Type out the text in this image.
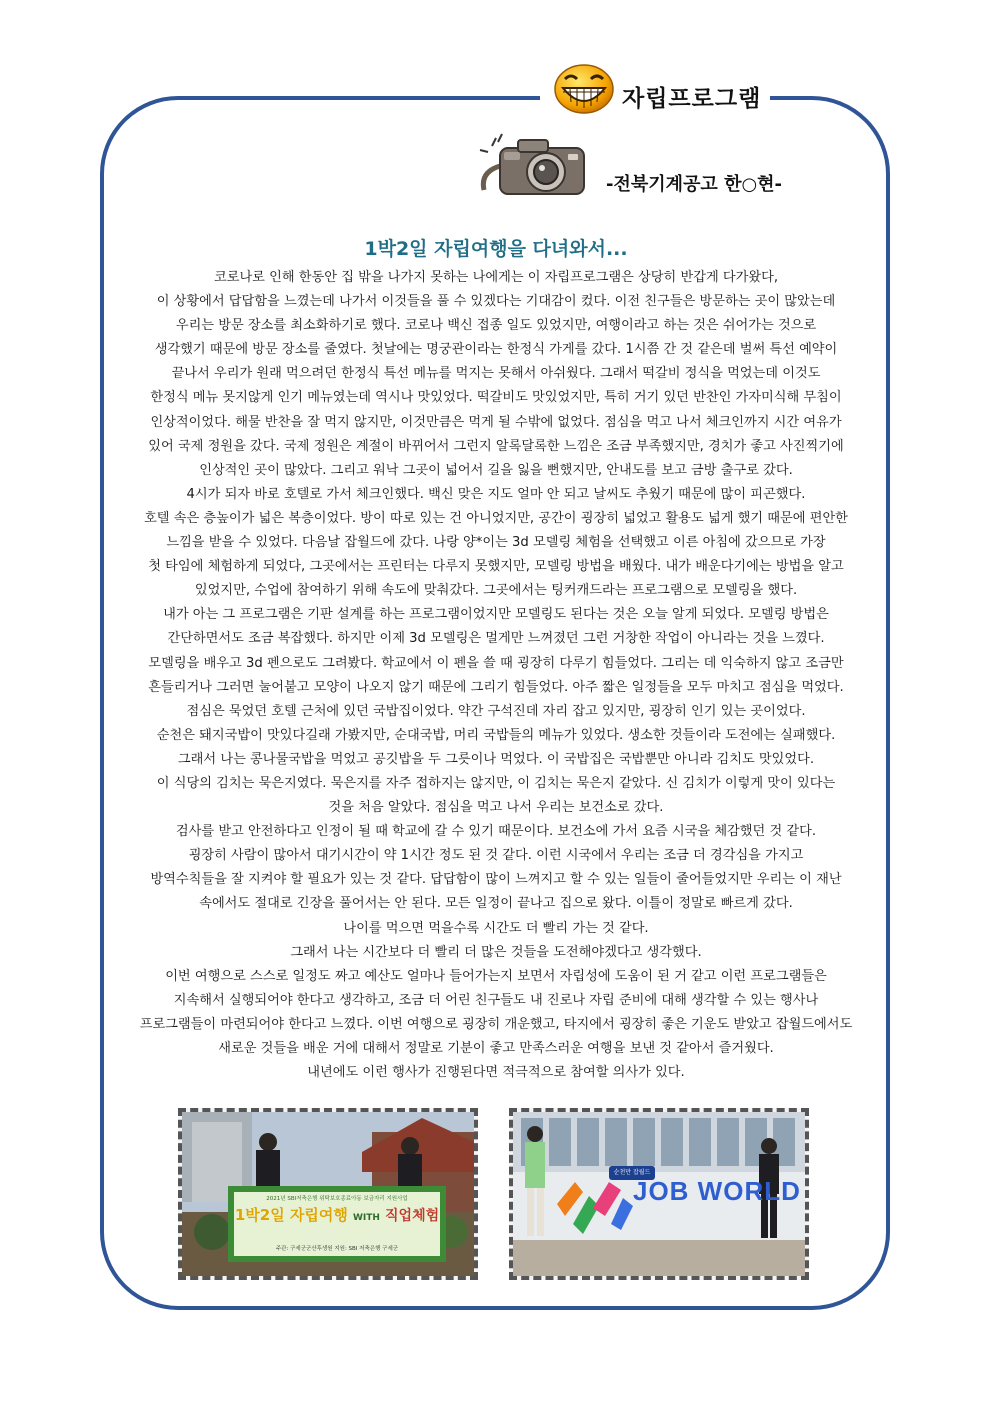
자립프로그램
-전북기계공고 한○현-
1박2일 자립여행을 다녀와서...
코로나로 인해 한동안 집 밖을 나가지 못하는 나에게는 이 자립프로그램은 상당히 반갑게 다가왔다,
이 상황에서 답답함을 느꼈는데 나가서 이것들을 풀 수 있겠다는 기대감이 컸다. 이전 친구들은 방문하는 곳이 많았는데
우리는 방문 장소를 최소화하기로 했다. 코로나 백신 접종 일도 있었지만, 여행이라고 하는 것은 쉬어가는 것으로
생각했기 때문에 방문 장소를 줄였다. 첫날에는 명궁관이라는 한정식 가게를 갔다. 1시쯤 간 것 같은데 벌써 특선 예약이
끝나서 우리가 원래 먹으려던 한정식 특선 메뉴를 먹지는 못해서 아쉬웠다. 그래서 떡갈비 정식을 먹었는데 이것도
한정식 메뉴 못지않게 인기 메뉴였는데 역시나 맛있었다. 떡갈비도 맛있었지만, 특히 거기 있던 반찬인 가자미식해 무침이
인상적이었다. 해물 반찬을 잘 먹지 않지만, 이것만큼은 먹게 될 수밖에 없었다. 점심을 먹고 나서 체크인까지 시간 여유가
있어 국제 정원을 갔다. 국제 정원은 계절이 바뀌어서 그런지 알록달록한 느낌은 조금 부족했지만, 경치가 좋고 사진찍기에
인상적인 곳이 많았다. 그리고 워낙 그곳이 넓어서 길을 잃을 뻔했지만, 안내도를 보고 금방 출구로 갔다.
4시가 되자 바로 호텔로 가서 체크인했다. 백신 맞은 지도 얼마 안 되고 날씨도 추웠기 때문에 많이 피곤했다.
호텔 속은 층높이가 넓은 복층이었다. 방이 따로 있는 건 아니었지만, 공간이 굉장히 넓었고 활용도 넓게 했기 때문에 편안한
느낌을 받을 수 있었다. 다음날 잡월드에 갔다. 나랑 양*이는 3d 모델링 체험을 선택했고 이른 아침에 갔으므로 가장
첫 타임에 체험하게 되었다, 그곳에서는 프린터는 다루지 못했지만, 모델링 방법을 배웠다. 내가 배운다기에는 방법을 알고
있었지만, 수업에 참여하기 위해 속도에 맞춰갔다. 그곳에서는 팅커캐드라는 프로그램으로 모델링을 했다.
내가 아는 그 프로그램은 기판 설계를 하는 프로그램이었지만 모델링도 된다는 것은 오늘 알게 되었다. 모델링 방법은
간단하면서도 조금 복잡했다. 하지만 이제 3d 모델링은 멀게만 느껴졌던 그런 거창한 작업이 아니라는 것을 느꼈다.
모델링을 배우고 3d 펜으로도 그려봤다. 학교에서 이 펜을 쓸 때 굉장히 다루기 힘들었다. 그리는 데 익숙하지 않고 조금만
흔들리거나 그러면 눌어붙고 모양이 나오지 않기 때문에 그리기 힘들었다. 아주 짧은 일정들을 모두 마치고 점심을 먹었다.
점심은 묵었던 호텔 근처에 있던 국밥집이었다. 약간 구석진데 자리 잡고 있지만, 굉장히 인기 있는 곳이었다.
순천은 돼지국밥이 맛있다길래 가봤지만, 순대국밥, 머리 국밥들의 메뉴가 있었다. 생소한 것들이라 도전에는 실패했다.
그래서 나는 콩나물국밥을 먹었고 공깃밥을 두 그릇이나 먹었다. 이 국밥집은 국밥뿐만 아니라 김치도 맛있었다.
이 식당의 김치는 묵은지였다. 묵은지를 자주 접하지는 않지만, 이 김치는 묵은지 같았다. 신 김치가 이렇게 맛이 있다는
것을 처음 알았다. 점심을 먹고 나서 우리는 보건소로 갔다.
검사를 받고 안전하다고 인정이 될 때 학교에 갈 수 있기 때문이다. 보건소에 가서 요즘 시국을 체감했던 것 같다.
굉장히 사람이 많아서 대기시간이 약 1시간 정도 된 것 같다. 이런 시국에서 우리는 조금 더 경각심을 가지고
방역수칙들을 잘 지켜야 할 필요가 있는 것 같다. 답답함이 많이 느껴지고 할 수 있는 일들이 줄어들었지만 우리는 이 재난
속에서도 절대로 긴장을 풀어서는 안 된다. 모든 일정이 끝나고 집으로 왔다. 이틀이 정말로 빠르게 갔다.
나이를 먹으면 먹을수록 시간도 더 빨리 가는 것 같다.
그래서 나는 시간보다 더 빨리 더 많은 것들을 도전해야겠다고 생각했다.
이번 여행으로 스스로 일정도 짜고 예산도 얼마나 들어가는지 보면서 자립성에 도움이 된 거 같고 이런 프로그램들은
지속해서 실행되어야 한다고 생각하고, 조금 더 어린 친구들도 내 진로나 자립 준비에 대해 생각할 수 있는 행사나
프로그램들이 마련되어야 한다고 느꼈다. 이번 여행으로 굉장히 개운했고, 타지에서 굉장히 좋은 기운도 받았고 잡월드에서도
새로운 것들을 배운 거에 대해서 정말로 기분이 좋고 만족스러운 여행을 보낸 것 같아서 즐거웠다.
내년에도 이런 행사가 진행된다면 적극적으로 참여할 의사가 있다.
2021년 SBI저축은행 위탁보호종료아동 보금자리 지원사업
1박2일 자립여행 WITH 직업체험
주관: 구세군군산후생원 지원: SBI 저축은행 구세군
순천만 잡월드
JOB WORLD
